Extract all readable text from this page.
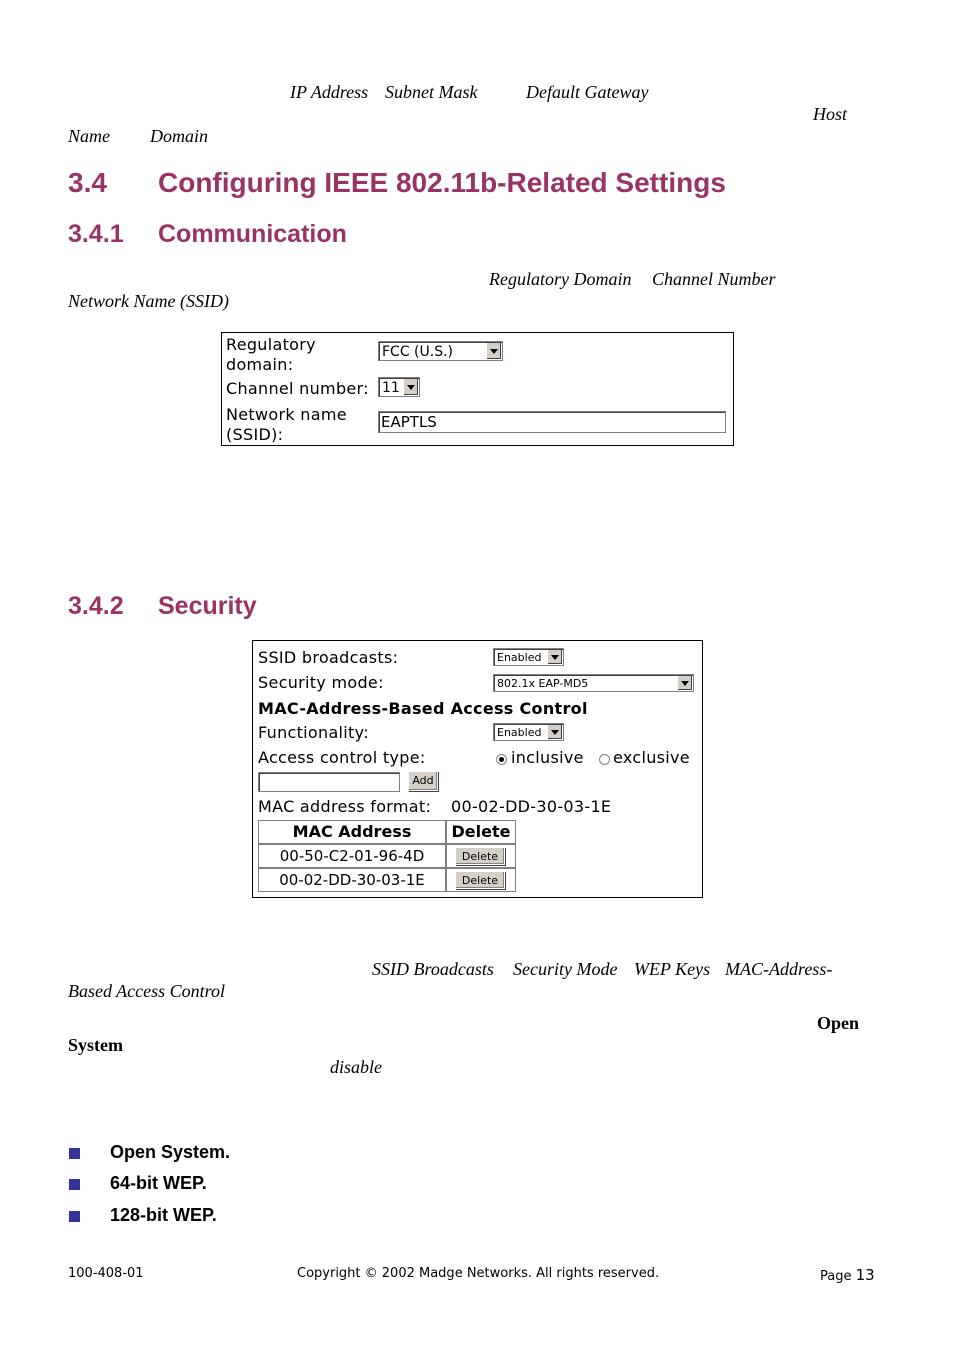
IP Address Subnet Mask	Default Gateway
Host
Name Domain
3.4 Configuring IEEE 802.11b-Related Settings
3.4.1 Communication
Regulatory Domain Channel Number
Network Name (SSID)
Regulatory
domain:
FCC (U.S.)
Channel number: 11
Network name
(SSID):
EAPTLS
3.4.2 Security
SSID broadcasts:	Enabled
Security mode:	802.1x EAP-MD5
MAC-Address-Based Access Control
Functionality:	Enabled
Access control type:	inclusive exclusive
Add
MAC address format: 00-02-DD-30-03-1E
MAC Address	Delete
00-50-C2-01-96-4D	Delete
00-02-DD-30-03-1E	Delete
SSID Broadcasts Security Mode WEP Keys MAC-Address-
Based Access Control
Open
System
disable
Open System.
64-bit WEP.
128-bit WEP.
100-408-01	Copyright © 2002 Madge Networks. All rights reserved.	Page 13
